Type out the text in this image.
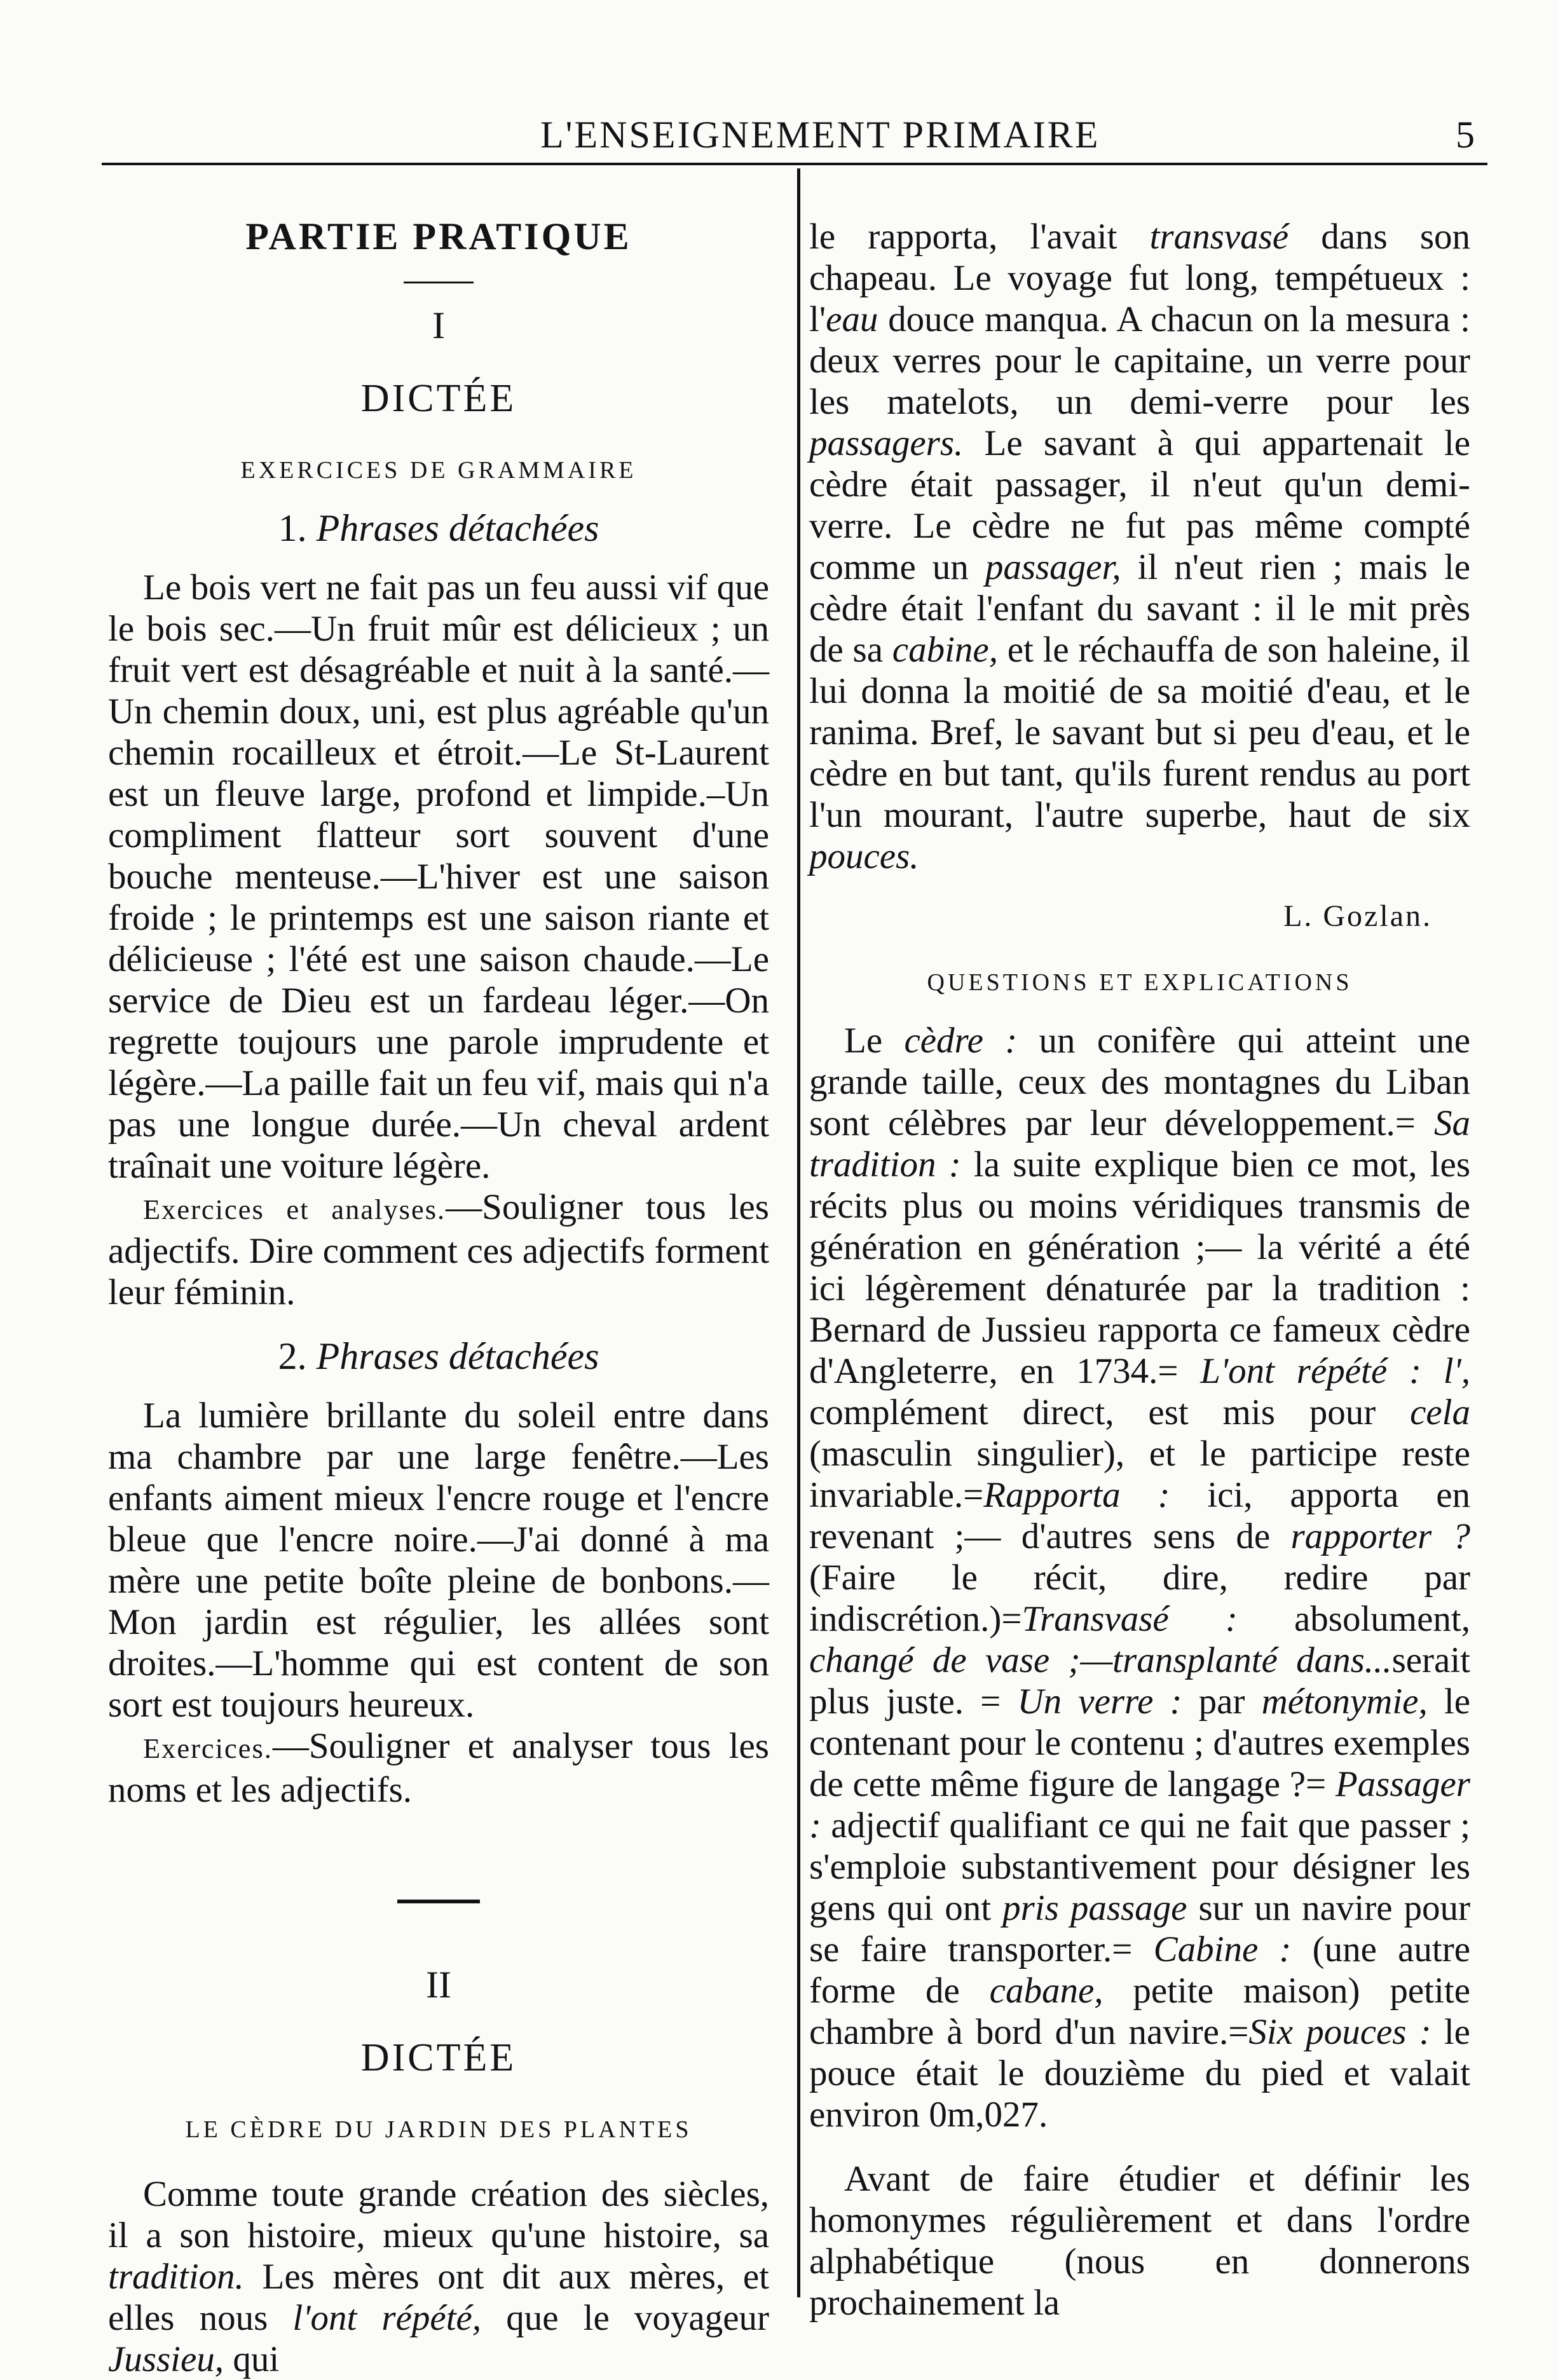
L'ENSEIGNEMENT PRIMAIRE	5

PARTIE PRATIQUE

I

DICTÉE

EXERCICES DE GRAMMAIRE

1. Phrases détachées

Le bois vert ne fait pas un feu aussi vif que le bois sec.—Un fruit mûr est délicieux ; un fruit vert est désagréable et nuit à la santé.—Un chemin doux, uni, est plus agréable qu'un chemin rocailleux et étroit.—Le St-Laurent est un fleuve large, profond et limpide.–Un compliment flatteur sort souvent d'une bouche menteuse.—L'hiver est une saison froide ; le printemps est une saison riante et délicieuse ; l'été est une saison chaude.—Le service de Dieu est un fardeau léger.—On regrette toujours une parole imprudente et légère.—La paille fait un feu vif, mais qui n'a pas une longue durée.—Un cheval ardent traînait une voiture légère.

Exercices et analyses.—Souligner tous les adjectifs. Dire comment ces adjectifs forment leur féminin.

2. Phrases détachées

La lumière brillante du soleil entre dans ma chambre par une large fenêtre.—Les enfants aiment mieux l'encre rouge et l'encre bleue que l'encre noire.—J'ai donné à ma mère une petite boîte pleine de bonbons.—Mon jardin est régulier, les allées sont droites.—L'homme qui est content de son sort est toujours heureux.

Exercices.—Souligner et analyser tous les noms et les adjectifs.

II

DICTÉE

LE CÈDRE DU JARDIN DES PLANTES

Comme toute grande création des siècles, il a son histoire, mieux qu'une histoire, sa tradition. Les mères ont dit aux mères, et elles nous l'ont répété, que le voyageur Jussieu, qui

le rapporta, l'avait transvasé dans son chapeau. Le voyage fut long, tempétueux : l'eau douce manqua. A chacun on la mesura : deux verres pour le capitaine, un verre pour les matelots, un demi-verre pour les passagers. Le savant à qui appartenait le cèdre était passager, il n'eut qu'un demi-verre. Le cèdre ne fut pas même compté comme un passager, il n'eut rien ; mais le cèdre était l'enfant du savant : il le mit près de sa cabine, et le réchauffa de son haleine, il lui donna la moitié de sa moitié d'eau, et le ranima. Bref, le savant but si peu d'eau, et le cèdre en but tant, qu'ils furent rendus au port l'un mourant, l'autre superbe, haut de six pouces.

L. Gozlan.

QUESTIONS ET EXPLICATIONS

Le cèdre : un conifère qui atteint une grande taille, ceux des montagnes du Liban sont célèbres par leur développement.= Sa tradition : la suite explique bien ce mot, les récits plus ou moins véridiques transmis de génération en génération ;— la vérité a été ici légèrement dénaturée par la tradition : Bernard de Jussieu rapporta ce fameux cèdre d'Angleterre, en 1734.= L'ont répété : l', complément direct, est mis pour cela (masculin singulier), et le participe reste invariable.=Rapporta : ici, apporta en revenant ;— d'autres sens de rapporter ? (Faire le récit, dire, redire par indiscrétion.)=Transvasé : absolument, changé de vase ;—transplanté dans...serait plus juste. = Un verre : par métonymie, le contenant pour le contenu ; d'autres exemples de cette même figure de langage ?= Passager : adjectif qualifiant ce qui ne fait que passer ; s'emploie substantivement pour désigner les gens qui ont pris passage sur un navire pour se faire transporter.= Cabine : (une autre forme de cabane, petite maison) petite chambre à bord d'un navire.=Six pouces : le pouce était le douzième du pied et valait environ 0m,027.

Avant de faire étudier et définir les homonymes régulièrement et dans l'ordre alphabétique (nous en donnerons prochainement la
